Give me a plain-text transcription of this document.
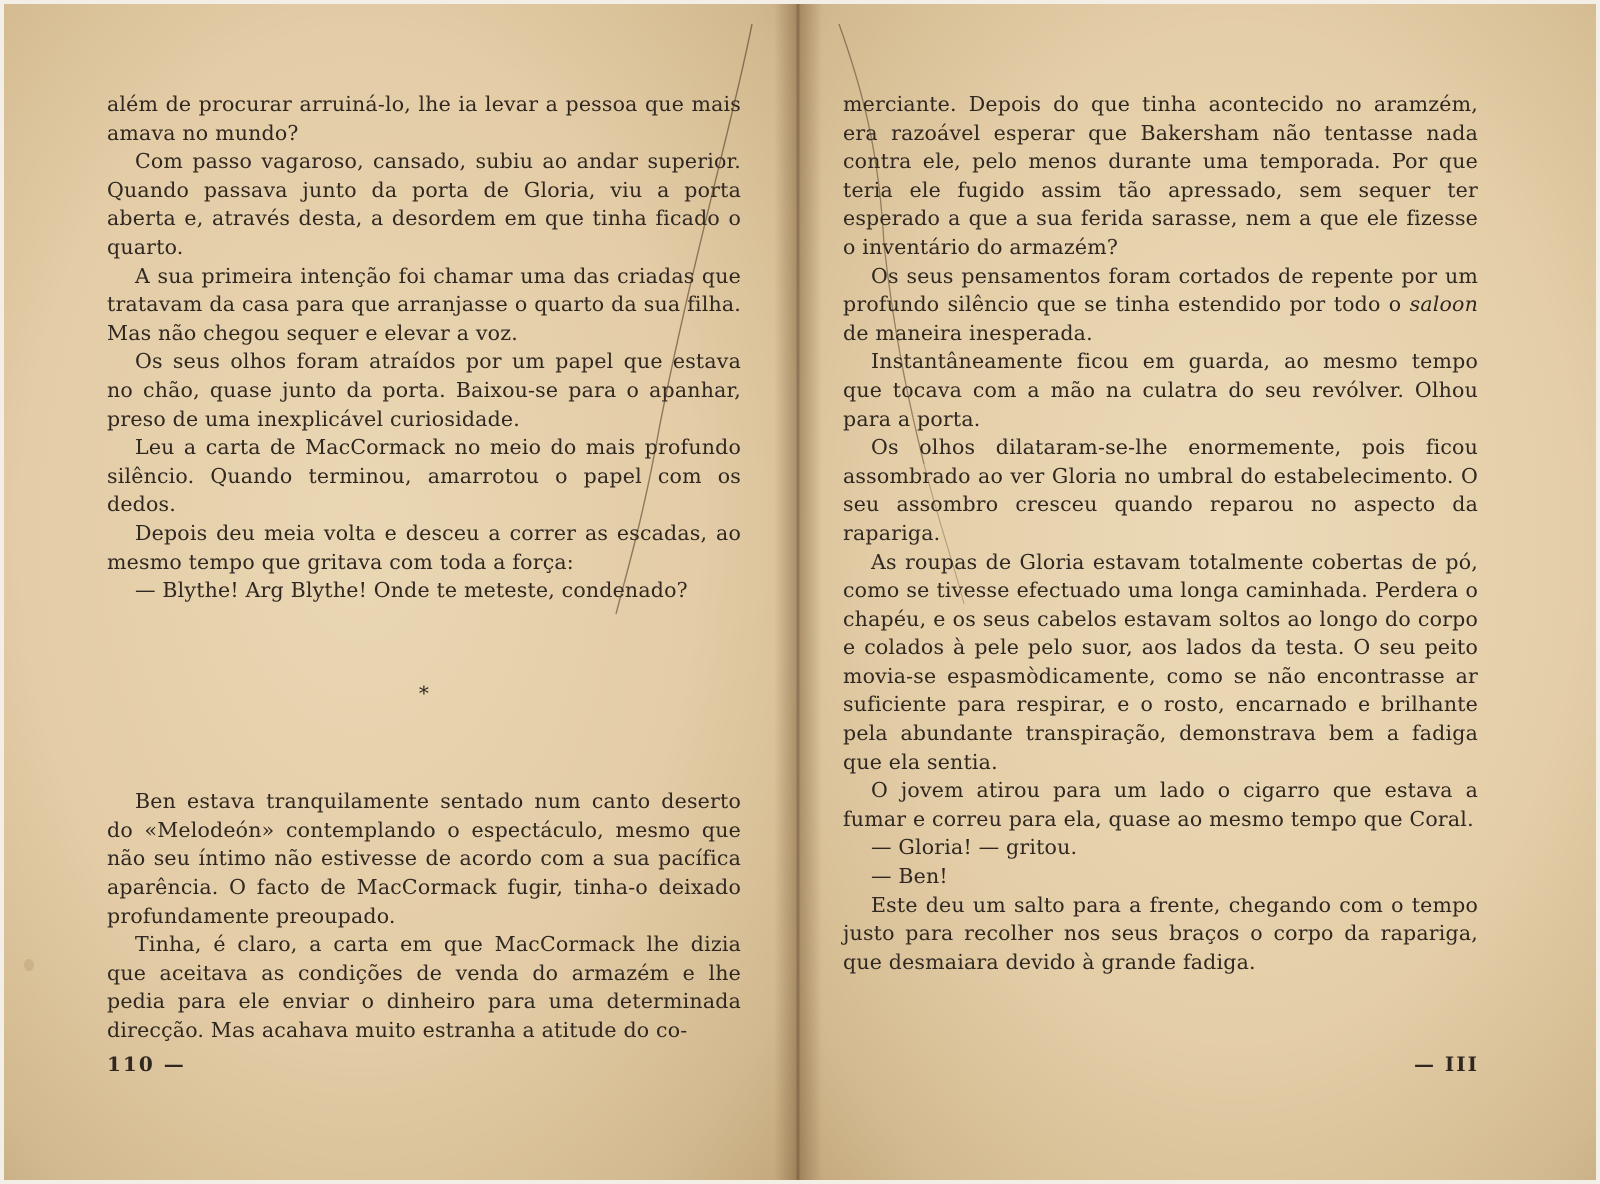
além de procurar arruiná-lo, lhe ia levar a pessoa que mais amava no mundo?

Com passo vagaroso, cansado, subiu ao andar superior. Quando passava junto da porta de Gloria, viu a porta aberta e, através desta, a desordem em que tinha ficado o quarto.

A sua primeira intenção foi chamar uma das criadas que tratavam da casa para que arranjasse o quarto da sua filha. Mas não chegou sequer e elevar a voz.

Os seus olhos foram atraídos por um papel que estava no chão, quase junto da porta. Baixou-se para o apanhar, preso de uma inexplicável curiosidade.

Leu a carta de MacCormack no meio do mais profundo silêncio. Quando terminou, amarrotou o papel com os dedos.

Depois deu meia volta e desceu a correr as escadas, ao mesmo tempo que gritava com toda a força:

— Blythe! Arg Blythe! Onde te meteste, condenado?

*

Ben estava tranquilamente sentado num canto deserto do «Melodeón» contemplando o espectáculo, mesmo que não seu íntimo não estivesse de acordo com a sua pacífica aparência. O facto de MacCormack fugir, tinha-o deixado profundamente preoupado.

Tinha, é claro, a carta em que MacCormack lhe dizia que aceitava as condições de venda do armazém e lhe pedia para ele enviar o dinheiro para uma determinada direcção. Mas acahava muito estranha a atitude do co-

110 —

merciante. Depois do que tinha acontecido no aramzém, era razoável esperar que Bakersham não tentasse nada contra ele, pelo menos durante uma temporada. Por que teria ele fugido assim tão apressado, sem sequer ter esperado a que a sua ferida sarasse, nem a que ele fizesse o inventário do armazém?

Os seus pensamentos foram cortados de repente por um profundo silêncio que se tinha estendido por todo o saloon de maneira inesperada.

Instantâneamente ficou em guarda, ao mesmo tempo que tocava com a mão na culatra do seu revólver. Olhou para a porta.

Os olhos dilataram-se-lhe enormemente, pois ficou assombrado ao ver Gloria no umbral do estabelecimento. O seu assombro cresceu quando reparou no aspecto da rapariga.

As roupas de Gloria estavam totalmente cobertas de pó, como se tivesse efectuado uma longa caminhada. Perdera o chapéu, e os seus cabelos estavam soltos ao longo do corpo e colados à pele pelo suor, aos lados da testa. O seu peito movia-se espasmòdicamente, como se não encontrasse ar suficiente para respirar, e o rosto, encarnado e brilhante pela abundante transpiração, demonstrava bem a fadiga que ela sentia.

O jovem atirou para um lado o cigarro que estava a fumar e correu para ela, quase ao mesmo tempo que Coral.

— Gloria! — gritou.

— Ben!

Este deu um salto para a frente, chegando com o tempo justo para recolher nos seus braços o corpo da rapariga, que desmaiara devido à grande fadiga.

— III
